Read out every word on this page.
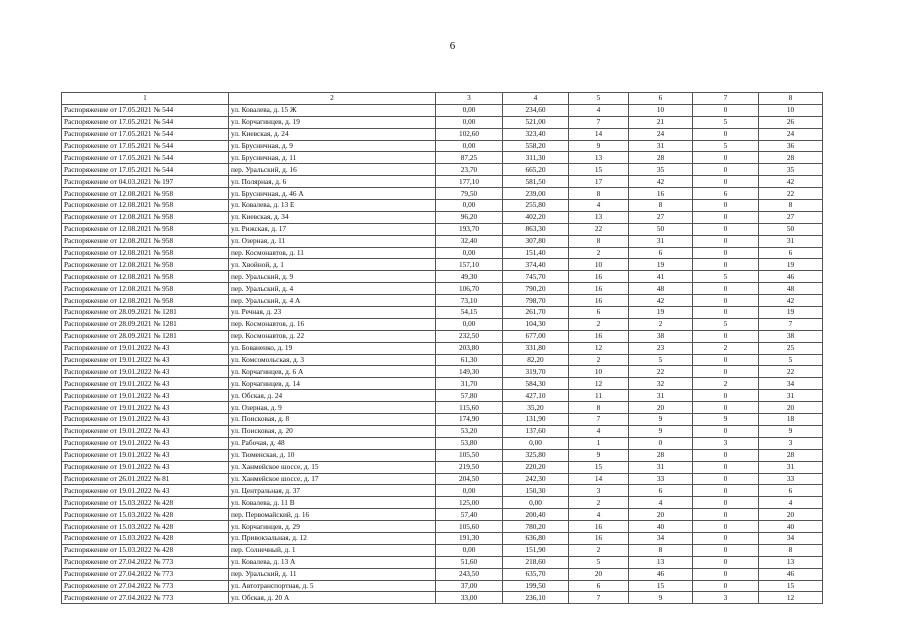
6
1	2	3	4	5	6	7	8
Распоряжение от 17.05.2021 № 544	ул. Ковалева, д. 15 Ж	0,00	234,60	4	10	0	10
Распоряжение от 17.05.2021 № 544	ул. Корчагинцев, д. 19	0,00	521,00	7	21	5	26
Распоряжение от 17.05.2021 № 544	ул. Киевская, д. 24	102,60	323,40	14	24	0	24
Распоряжение от 17.05.2021 № 544	ул. Брусничная, д. 9	0,00	558,20	9	31	5	36
Распоряжение от 17.05.2021 № 544	ул. Брусничная, д. 11	87,25	311,30	13	28	0	28
Распоряжение от 17.05.2021 № 544	пер. Уральский, д. 16	23,70	665,20	15	35	0	35
Распоряжение от 04.03.2021 № 197	ул. Полярная, д. 6	177,10	581,50	17	42	0	42
Распоряжение от 12.08.2021 № 958	ул. Брусничная, д. 46 А	79,50	239,00	8	16	6	22
Распоряжение от 12.08.2021 № 958	ул. Ковалева, д. 13 Е	0,00	255,80	4	8	0	8
Распоряжение от 12.08.2021 № 958	ул. Киевская, д. 34	96,20	402,20	13	27	0	27
Распоряжение от 12.08.2021 № 958	ул. Рижская, д. 17	193,70	863,30	22	50	0	50
Распоряжение от 12.08.2021 № 958	ул. Озерная, д. 11	32,40	307,80	8	31	0	31
Распоряжение от 12.08.2021 № 958	пер. Космонавтов, д. 11	0,00	151,40	2	6	0	6
Распоряжение от 12.08.2021 № 958	ул. Хвойной, д. 1	157,10	374,40	10	19	0	19
Распоряжение от 12.08.2021 № 958	пер. Уральский, д. 9	49,30	745,70	16	41	5	46
Распоряжение от 12.08.2021 № 958	пер. Уральский, д. 4	106,70	790,20	16	48	0	48
Распоряжение от 12.08.2021 № 958	пер. Уральский, д. 4 А	73,10	798,70	16	42	0	42
Распоряжение от 28.09.2021 № 1281	ул. Речная, д. 23	54,15	261,70	6	19	0	19
Распоряжение от 28.09.2021 № 1281	пер. Космонавтов, д. 16	0,00	104,30	2	2	5	7
Распоряжение от 28.09.2021 № 1281	пер. Космонавтов, д. 22	232,50	677,00	16	38	0	38
Распоряжение от 19.01.2022 № 43	ул. Бованенко, д. 19	203,80	331,80	12	23	2	25
Распоряжение от 19.01.2022 № 43	ул. Комсомольская, д. 3	61,30	82,20	2	5	0	5
Распоряжение от 19.01.2022 № 43	ул. Корчагинцев, д. 6 А	149,30	319,70	10	22	0	22
Распоряжение от 19.01.2022 № 43	ул. Корчагинцев, д. 14	31,70	584,30	12	32	2	34
Распоряжение от 19.01.2022 № 43	ул. Обская, д. 24	57,80	427,10	11	31	0	31
Распоряжение от 19.01.2022 № 43	ул. Озерная, д. 9	115,60	35,20	8	20	0	20
Распоряжение от 19.01.2022 № 43	ул. Поисковая, д. 8	174,90	131,90	7	9	9	18
Распоряжение от 19.01.2022 № 43	ул. Поисковая, д. 20	53,20	137,60	4	9	0	9
Распоряжение от 19.01.2022 № 43	ул. Рабочая, д. 48	53,80	0,00	1	0	3	3
Распоряжение от 19.01.2022 № 43	ул. Тюменская, д. 10	105,50	325,80	9	28	0	28
Распоряжение от 19.01.2022 № 43	ул. Ханмейское шоссе, д. 15	219,50	220,20	15	31	0	31
Распоряжение от 26.01.2022 № 81	ул. Ханмейское шоссе, д. 17	204,50	242,30	14	33	0	33
Распоряжение от 19.01.2022 № 43	ул. Центральная, д. 37	0,00	150,30	3	6	0	6
Распоряжение от 15.03.2022 № 428	ул. Ковалева, д. 11 В	125,00	0,00	2	4	0	4
Распоряжение от 15.03.2022 № 428	пер. Первомайский, д. 16	57,40	200,40	4	20	0	20
Распоряжение от 15.03.2022 № 428	ул. Корчагинцев, д. 29	105,60	780,20	16	40	0	40
Распоряжение от 15.03.2022 № 428	ул. Привокзальная, д. 12	191,30	636,80	16	34	0	34
Распоряжение от 15.03.2022 № 428	пер. Солнечный, д. 1	0,00	151,90	2	8	0	8
Распоряжение от 27.04.2022 № 773	ул. Ковалева, д. 13 А	51,60	218,60	5	13	0	13
Распоряжение от 27.04.2022 № 773	пер. Уральский, д. 11	243,50	635,70	20	46	0	46
Распоряжение от 27.04.2022 № 773	ул. Автотранспортная, д. 5	37,00	199,50	6	15	0	15
Распоряжение от 27.04.2022 № 773	ул. Обская, д. 20 А	33,00	236,10	7	9	3	12
